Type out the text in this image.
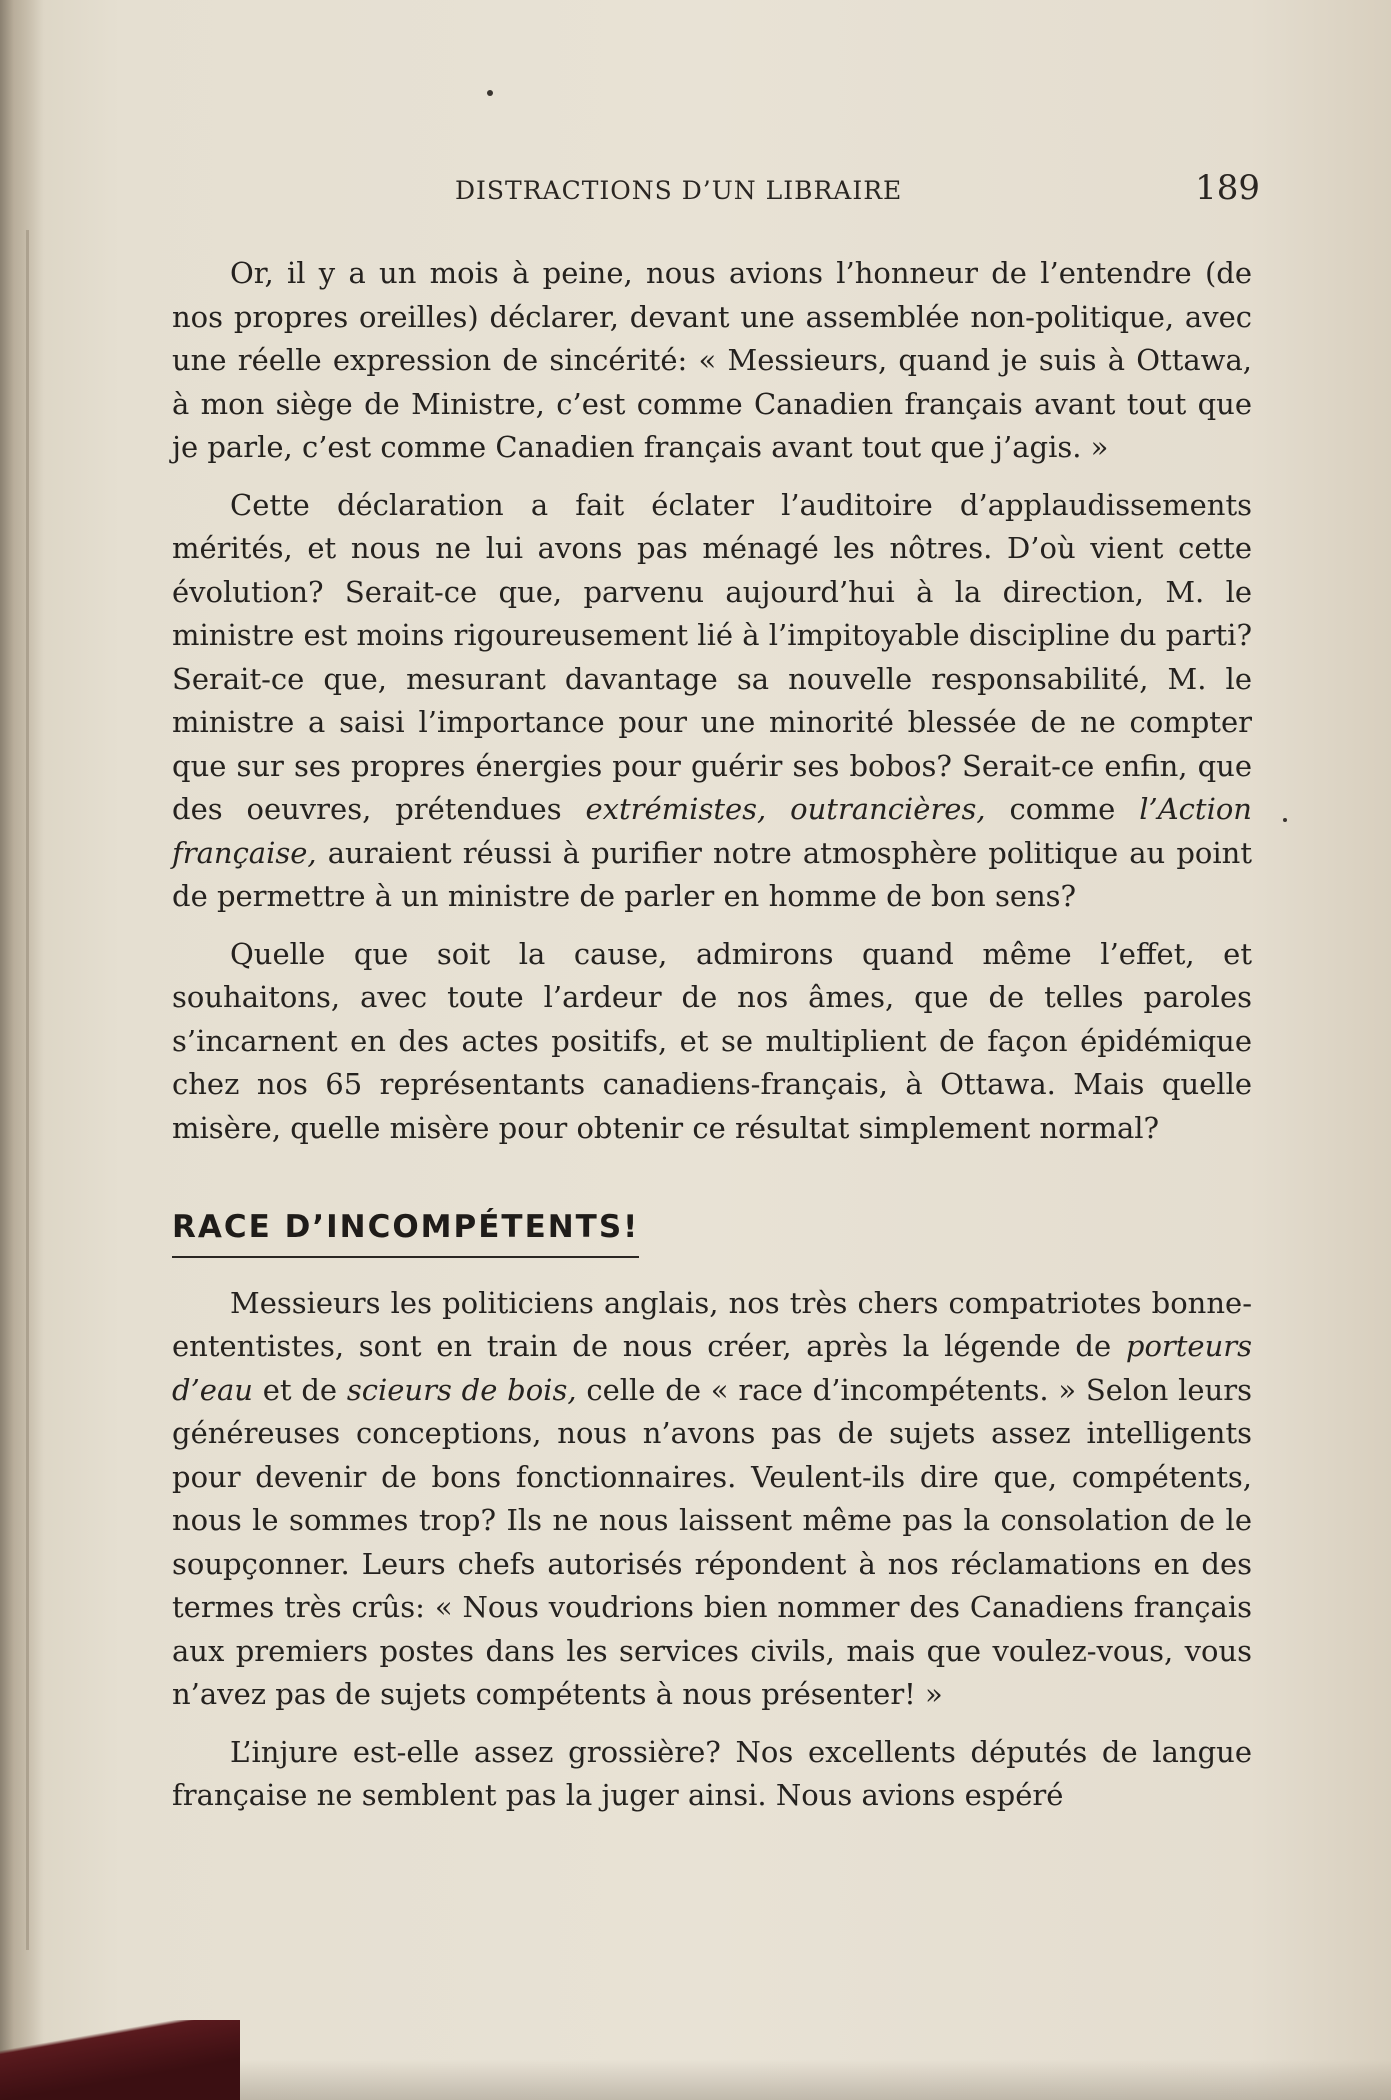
DISTRACTIONS D’UN LIBRAIRE	189

Or, il y a un mois à peine, nous avions l’honneur de l’entendre (de nos propres oreilles) déclarer, devant une assemblée non-politique, avec une réelle expression de sincérité: « Messieurs, quand je suis à Ottawa, à mon siège de Ministre, c’est comme Canadien français avant tout que je parle, c’est comme Canadien français avant tout que j’agis. »

Cette déclaration a fait éclater l’auditoire d’applaudissements mérités, et nous ne lui avons pas ménagé les nôtres. D’où vient cette évolution? Serait-ce que, parvenu aujourd’hui à la direction, M. le ministre est moins rigoureusement lié à l’impitoyable discipline du parti? Serait-ce que, mesurant davantage sa nouvelle responsabilité, M. le ministre a saisi l’importance pour une minorité blessée de ne compter que sur ses propres énergies pour guérir ses bobos? Serait-ce enfin, que des oeuvres, prétendues extrémistes, outrancières, comme l’Action française, auraient réussi à purifier notre atmosphère politique au point de permettre à un ministre de parler en homme de bon sens?

Quelle que soit la cause, admirons quand même l’effet, et souhaitons, avec toute l’ardeur de nos âmes, que de telles paroles s’incarnent en des actes positifs, et se multiplient de façon épidémique chez nos 65 représentants canadiens-français, à Ottawa. Mais quelle misère, quelle misère pour obtenir ce résultat simplement normal?

RACE D’INCOMPÉTENTS!

Messieurs les politiciens anglais, nos très chers compatriotes bonne-ententistes, sont en train de nous créer, après la légende de porteurs d’eau et de scieurs de bois, celle de « race d’incompétents. » Selon leurs généreuses conceptions, nous n’avons pas de sujets assez intelligents pour devenir de bons fonctionnaires. Veulent-ils dire que, compétents, nous le sommes trop? Ils ne nous laissent même pas la consolation de le soupçonner. Leurs chefs autorisés répondent à nos réclamations en des termes très crûs: « Nous voudrions bien nommer des Canadiens français aux premiers postes dans les services civils, mais que voulez-vous, vous n’avez pas de sujets compétents à nous présenter! »

L’injure est-elle assez grossière? Nos excellents députés de langue française ne semblent pas la juger ainsi. Nous avions espéré
